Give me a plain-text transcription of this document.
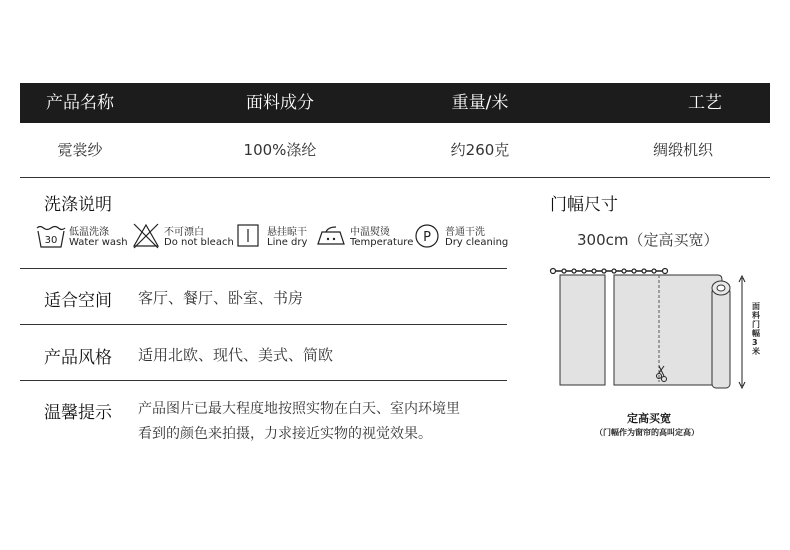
产品名称	面料成分	重量/米	工艺
霓裳纱	100%涤纶	约260克	绸缎机织
洗涤说明
30
低温洗涤
Water wash
不可漂白
Do not bleach
悬挂晾干
Line dry
中温熨烫
Temperature P 普通干洗
Dry cleaning
适合空间 客厅、餐厅、卧室、书房
产品风格 适用北欧、现代、美式、简欧
温馨提示 产品图片已最大程度地按照实物在白天、室内环境里
看到的颜色来拍摄，力求接近实物的视觉效果。
门幅尺寸
300cm（定高买宽）
面料门幅 3 米
定高买宽
（门幅作为窗帘的高叫定高）
